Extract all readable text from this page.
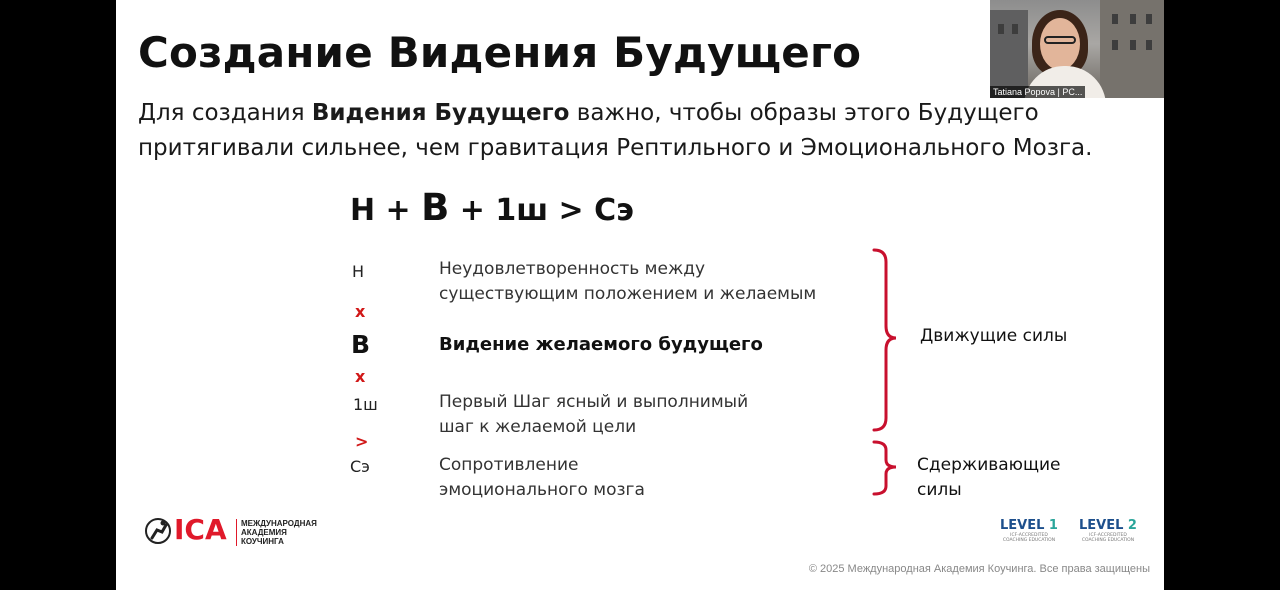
Создание Видения Будущего
Для создания Видения Будущего важно, чтобы образы этого Будущего притягивали сильнее, чем гравитация Рептильного и Эмоционального Мозга.
Н + В + 1ш > Сэ
Н
х
В
х
1ш
>
Сэ
Неудовлетворенность между
существующим положением и желаемым
Видение желаемого будущего
Первый Шаг ясный и выполнимый
шаг к желаемой цели
Сопротивление
эмоционального мозга
Движущие силы
Сдерживающие
силы
ICA МЕЖДУНАРОДНАЯ
АКАДЕМИЯ
КОУЧИНГА
LEVEL 1
ICF-ACCREDITED
COACHING EDUCATION
LEVEL 2
ICF-ACCREDITED
COACHING EDUCATION
© 2025 Международная Академия Коучинга. Все права защищены
Tatiana Popova | PC...
